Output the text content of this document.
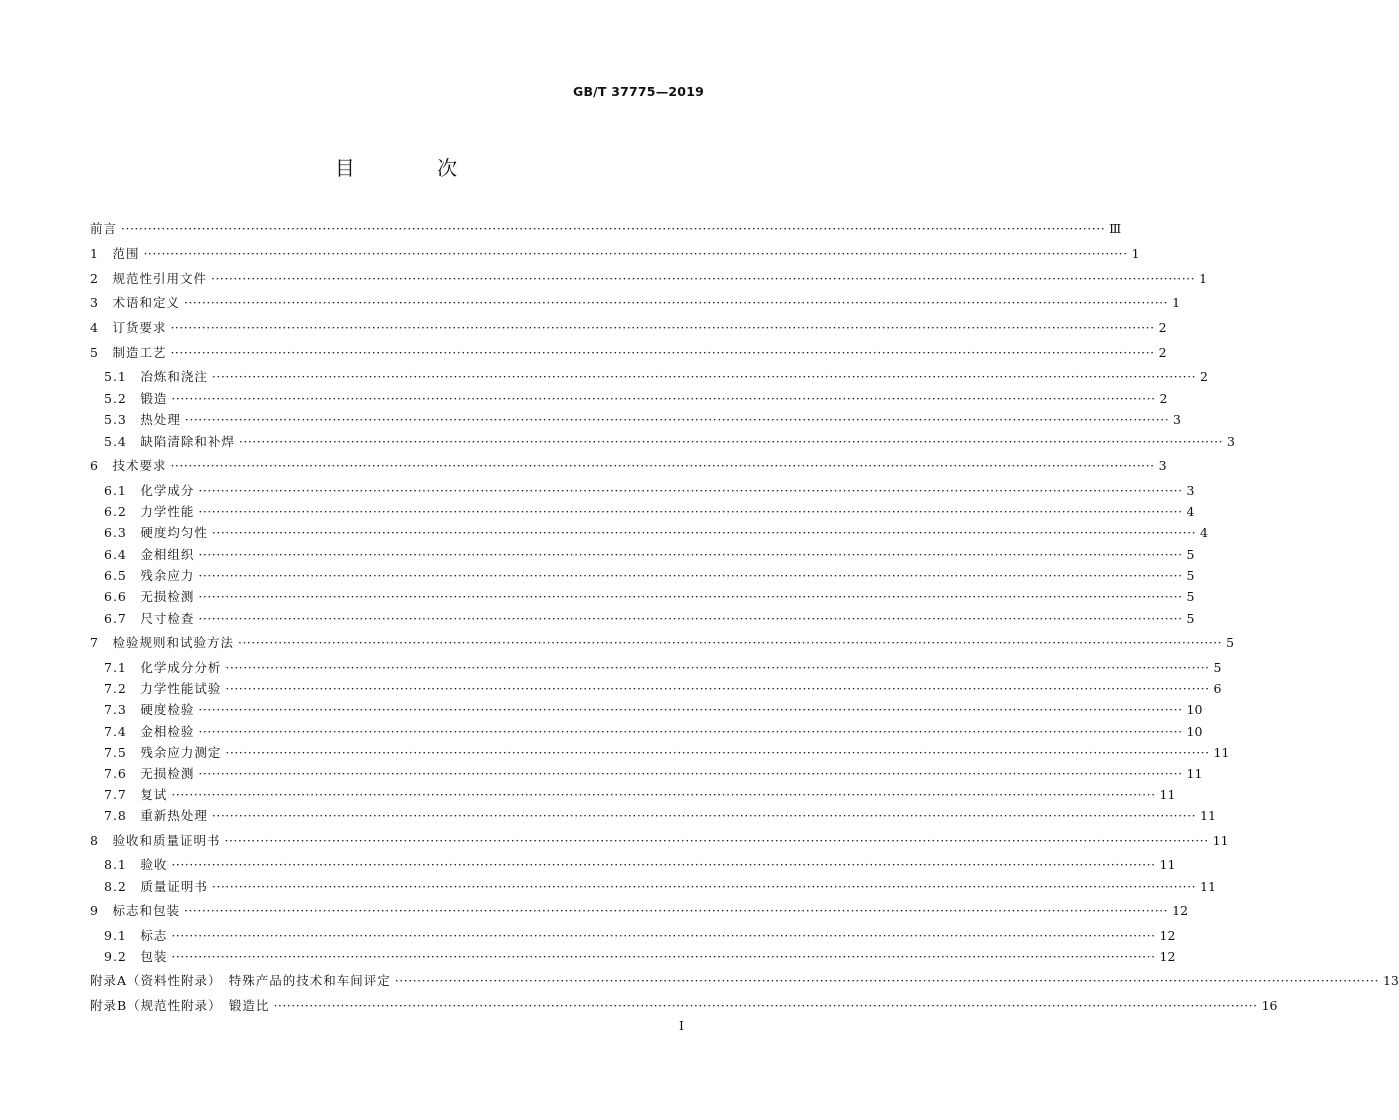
GB/T 37775—2019
目 次
前言 ···························································································································································································································· Ⅲ
1　范围 ···························································································································································································································· 1
2　规范性引用文件 ···························································································································································································································· 1
3　术语和定义 ···························································································································································································································· 1
4　订货要求 ···························································································································································································································· 2
5　制造工艺 ···························································································································································································································· 2
5.1　冶炼和浇注 ···························································································································································································································· 2
5.2　锻造 ···························································································································································································································· 2
5.3　热处理 ···························································································································································································································· 3
5.4　缺陷清除和补焊 ···························································································································································································································· 3
6　技术要求 ···························································································································································································································· 3
6.1　化学成分 ···························································································································································································································· 3
6.2　力学性能 ···························································································································································································································· 4
6.3　硬度均匀性 ···························································································································································································································· 4
6.4　金相组织 ···························································································································································································································· 5
6.5　残余应力 ···························································································································································································································· 5
6.6　无损检测 ···························································································································································································································· 5
6.7　尺寸检查 ···························································································································································································································· 5
7　检验规则和试验方法 ···························································································································································································································· 5
7.1　化学成分分析 ···························································································································································································································· 5
7.2　力学性能试验 ···························································································································································································································· 6
7.3　硬度检验 ···························································································································································································································· 10
7.4　金相检验 ···························································································································································································································· 10
7.5　残余应力测定 ···························································································································································································································· 11
7.6　无损检测 ···························································································································································································································· 11
7.7　复试 ···························································································································································································································· 11
7.8　重新热处理 ···························································································································································································································· 11
8　验收和质量证明书 ···························································································································································································································· 11
8.1　验收 ···························································································································································································································· 11
8.2　质量证明书 ···························································································································································································································· 11
9　标志和包装 ···························································································································································································································· 12
9.1　标志 ···························································································································································································································· 12
9.2　包装 ···························································································································································································································· 12
附录A（资料性附录）　特殊产品的技术和车间评定 ···························································································································································································································· 13
附录B（规范性附录）　锻造比 ···························································································································································································································· 16
I
